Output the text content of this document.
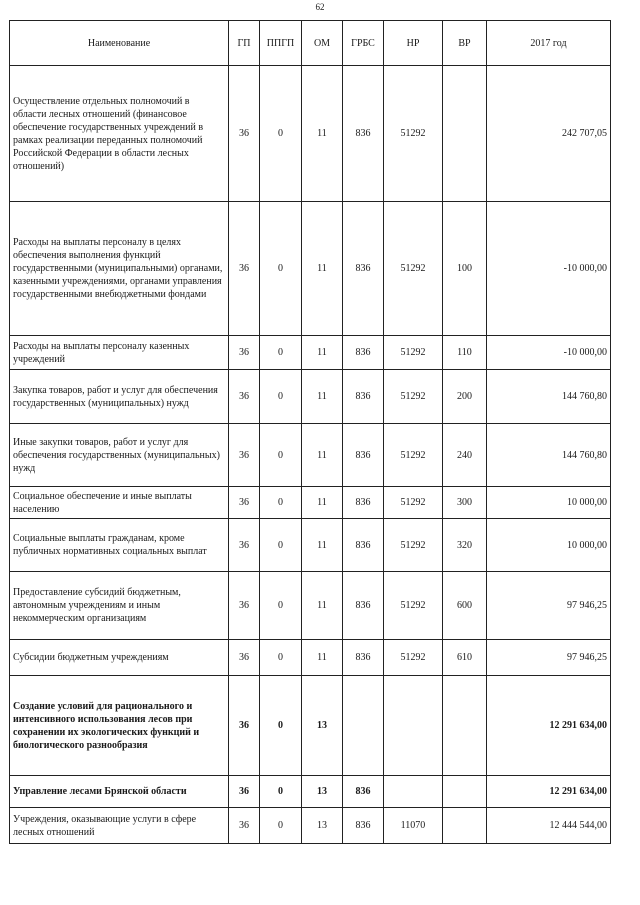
62
Наименование	ГП	ППГП	ОМ	ГРБС	НР	ВР	2017 год
Осуществление отдельных полномочий в области лесных отношений (финансовое обеспечение государственных учреждений в рамках реализации переданных полномочий Российской Федерации в области лесных отношений)	36	0	11	836	51292		242 707,05
Расходы на выплаты персоналу в целях обеспечения выполнения функций государственными (муниципальными) органами, казенными учреждениями, органами управления государственными внебюджетными фондами	36	0	11	836	51292	100	-10 000,00
Расходы на выплаты персоналу казенных учреждений	36	0	11	836	51292	110	-10 000,00
Закупка товаров, работ и услуг для обеспечения государственных (муниципальных) нужд	36	0	11	836	51292	200	144 760,80
Иные закупки товаров, работ и услуг для обеспечения государственных (муниципальных) нужд	36	0	11	836	51292	240	144 760,80
Социальное обеспечение и иные выплаты населению	36	0	11	836	51292	300	10 000,00
Социальные выплаты гражданам, кроме публичных нормативных социальных выплат	36	0	11	836	51292	320	10 000,00
Предоставление субсидий бюджетным, автономным учреждениям и иным некоммерческим организациям	36	0	11	836	51292	600	97 946,25
Субсидии бюджетным учреждениям	36	0	11	836	51292	610	97 946,25
Создание условий для рационального и интенсивного использования лесов при сохранении их экологических функций и биологического разнообразия	36	0	13				12 291 634,00
Управление лесами Брянской области	36	0	13	836			12 291 634,00
Учреждения, оказывающие услуги в сфере лесных отношений	36	0	13	836	11070		12 444 544,00
